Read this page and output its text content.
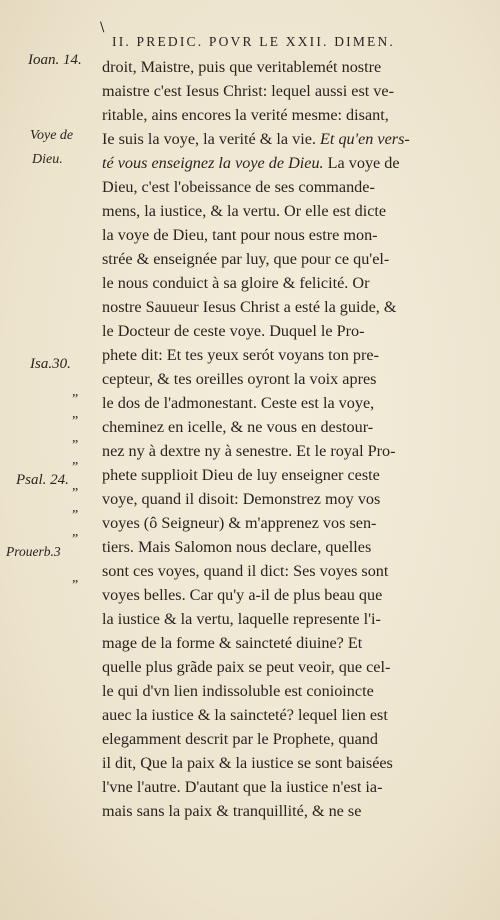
\
II. PREDIC. POVR LE XXII. DIMEN.
Ioan. 14.
Voye de
Dieu.
Isa.30.
Psal. 24.
Prouerb.3
”
”
”
”
”
”
”
”
droit, Maistre, puis que veritablemét nostre
maistre c'est Iesus Christ: lequel aussi est ve-
ritable, ains encores la verité mesme: disant,
Ie suis la voye, la verité & la vie. Et qu'en vers-
té vous enseignez la voye de Dieu. La voye de
Dieu, c'est l'obeissance de ses commande-
mens, la iustice, & la vertu. Or elle est dicte
la voye de Dieu, tant pour nous estre mon-
strée & enseignée par luy, que pour ce qu'el-
le nous conduict à sa gloire & felicité. Or
nostre Sauueur Iesus Christ a esté la guide, &
le Docteur de ceste voye. Duquel le Pro-
phete dit: Et tes yeux serót voyans ton pre-
cepteur, & tes oreilles oyront la voix apres
le dos de l'admonestant. Ceste est la voye,
cheminez en icelle, & ne vous en destour-
nez ny à dextre ny à senestre. Et le royal Pro-
phete supplioit Dieu de luy enseigner ceste
voye, quand il disoit: Demonstrez moy vos
voyes (ô Seigneur) & m'apprenez vos sen-
tiers. Mais Salomon nous declare, quelles
sont ces voyes, quand il dict: Ses voyes sont
voyes belles. Car qu'y a-il de plus beau que
la iustice & la vertu, laquelle represente l'i-
mage de la forme & saincteté diuine? Et
quelle plus grãde paix se peut veoir, que cel-
le qui d'vn lien indissoluble est conioincte
auec la iustice & la saincteté? lequel lien est
elegamment descrit par le Prophete, quand
il dit, Que la paix & la iustice se sont baisées
l'vne l'autre. D'autant que la iustice n'est ia-
mais sans la paix & tranquillité, & ne se
